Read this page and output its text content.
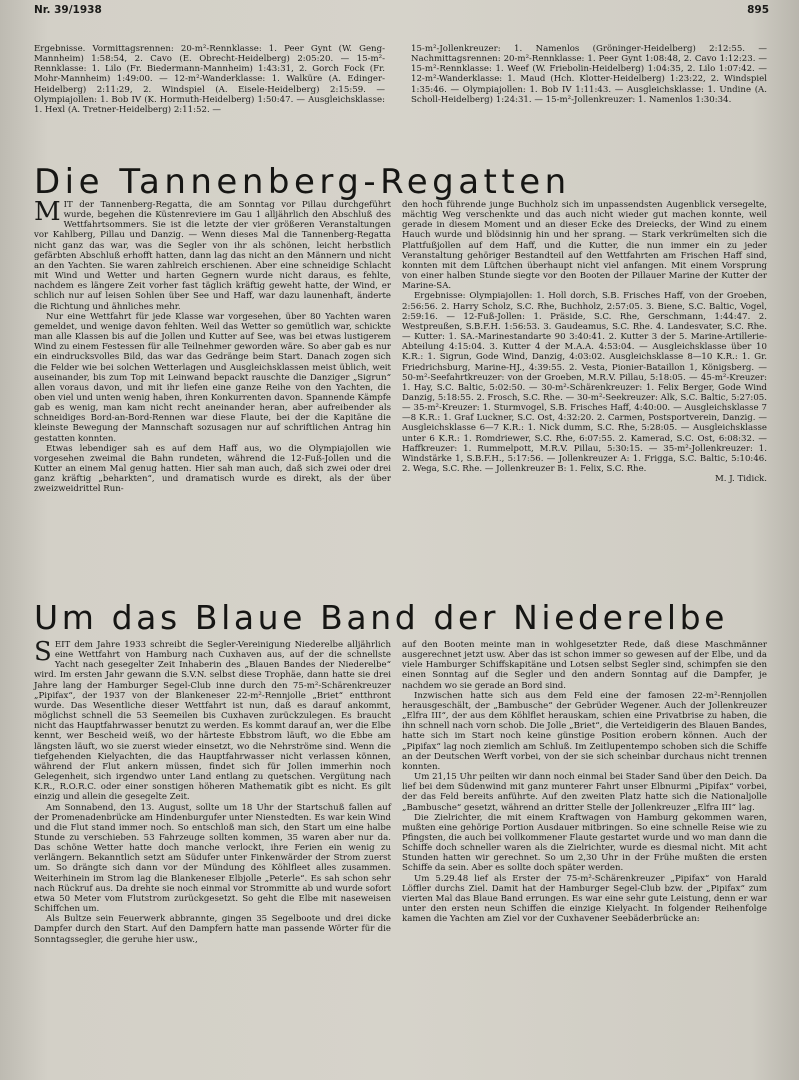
Nr. 39/1938	895

Ergebnisse. Vormittagsrennen: 20-m²-Rennklasse: 1. Peer Gynt (W. Geng-Mannheim) 1:58:54, 2. Cavo (E. Obrecht-Heidelberg) 2:05:20. — 15-m²-Rennklasse: 1. Lilo (Fr. Biedermann-Mannheim) 1:43:31, 2. Gorch Fock (Fr. Mohr-Mannheim) 1:49:00. — 12-m²-Wanderklasse: 1. Walküre (A. Edinger-Heidelberg) 2:11:29, 2. Windspiel (A. Eisele-Heidelberg) 2:15:59. — Olympiajollen: 1. Bob IV (K. Hormuth-Heidelberg) 1:50:47. — Ausgleichsklasse: 1. Hexl (A. Tretner-Heidelberg) 2:11:52. —

15-m²-Jollenkreuzer: 1. Namenlos (Gröninger-Heidelberg) 2:12:55. — Nachmittagsrennen: 20-m²-Rennklasse: 1. Peer Gynt 1:08:48, 2. Cavo 1:12:23. — 15-m²-Rennklasse: 1. Weef (W. Friebolin-Heidelberg) 1:04:35, 2. Lilo 1:07:42. — 12-m²-Wanderklasse: 1. Maud (Hch. Klotter-Heidelberg) 1:23:22, 2. Windspiel 1:35:46. — Olympiajollen: 1. Bob IV 1:11:43. — Ausgleichsklasse: 1. Undine (A. Scholl-Heidelberg) 1:24:31. — 15-m²-Jollenkreuzer: 1. Namenlos 1:30:34.

Die Tannenberg-Regatten

MIT der Tannenberg-Regatta, die am Sonntag vor Pillau durchgeführt wurde, begehen die Küstenreviere im Gau 1 alljährlich den Abschluß des Wettfahrtsommers. Sie ist die letzte der vier größeren Veranstaltungen vor Kahlberg, Pillau und Danzig. — Wenn dieses Mal die Tannenberg-Regatta nicht ganz das war, was die Segler von ihr als schönen, leicht herbstlich gefärbten Abschluß erhofft hatten, dann lag das nicht an den Männern und nicht an den Yachten. Sie waren zahlreich erschienen. Aber eine schneidige Schlacht mit Wind und Wetter und harten Gegnern wurde nicht daraus, es fehlte, nachdem es längere Zeit vorher fast täglich kräftig geweht hatte, der Wind, er schlich nur auf leisen Sohlen über See und Haff, war dazu launenhaft, änderte die Richtung und ähnliches mehr.

Nur eine Wettfahrt für jede Klasse war vorgesehen, über 80 Yachten waren gemeldet, und wenige davon fehlten. Weil das Wetter so gemütlich war, schickte man alle Klassen bis auf die Jollen und Kutter auf See, was bei etwas lustigerem Wind zu einem Festessen für alle Teilnehmer geworden wäre. So aber gab es nur ein eindrucksvolles Bild, das war das Gedränge beim Start. Danach zogen sich die Felder wie bei solchen Wetterlagen und Ausgleichsklassen meist üblich, weit auseinander, bis zum Top mit Leinwand bepackt rauschte die Danziger „Sigrun“ allen voraus davon, und mit ihr liefen eine ganze Reihe von den Yachten, die oben viel und unten wenig haben, ihren Konkurrenten davon. Spannende Kämpfe gab es wenig, man kam nicht recht aneinander heran, aber aufreibender als schneidiges Bord-an-Bord-Rennen war diese Flaute, bei der die Kapitäne die kleinste Bewegung der Mannschaft sozusagen nur auf schriftlichen Antrag hin gestatten konnten.

Etwas lebendiger sah es auf dem Haff aus, wo die Olympiajollen wie vorgesehen zweimal die Bahn rundeten, während die 12-Fuß-Jollen und die Kutter an einem Mal genug hatten. Hier sah man auch, daß sich zwei oder drei ganz kräftig „beharkten“, und dramatisch wurde es direkt, als der über zweizweidrittel Run-

den hoch führende junge Buchholz sich im unpassendsten Augenblick versegelte, mächtig Weg verschenkte und das auch nicht wieder gut machen konnte, weil gerade in diesem Moment und an dieser Ecke des Dreiecks, der Wind zu einem Hauch wurde und blödsinnig hin und her sprang. — Stark verkrümelten sich die Plattfußjollen auf dem Haff, und die Kutter, die nun immer ein zu jeder Veranstaltung gehöriger Bestandteil auf den Wettfahrten am Frischen Haff sind, konnten mit dem Lüftchen überhaupt nicht viel anfangen. Mit einem Vorsprung von einer halben Stunde siegte vor den Booten der Pillauer Marine der Kutter der Marine-SA.

Ergebnisse: Olympiajollen: 1. Holl dorch, S.B. Frisches Haff, von der Groeben, 2:56:56. 2. Harry Scholz, S.C. Rhe, Buchholz, 2:57:05. 3. Biene, S.C. Baltic, Vogel, 2:59:16. — 12-Fuß-Jollen: 1. Präside, S.C. Rhe, Gerschmann, 1:44:47. 2. Westpreußen, S.B.F.H. 1:56:53. 3. Gaudeamus, S.C. Rhe. 4. Landesvater, S.C. Rhe. — Kutter: 1. SA.-Marinestandarte 90 3:40:41. 2. Kutter 3 der 5. Marine-Artillerie-Abteilung 4:15:04. 3. Kutter 4 der M.A.A. 4:53:04. — Ausgleichsklasse über 10 K.R.: 1. Sigrun, Gode Wind, Danzig, 4:03:02. Ausgleichsklasse 8—10 K.R.: 1. Gr. Friedrichsburg, Marine-HJ., 4:39:55. 2. Vesta, Pionier-Bataillon 1, Königsberg. — 50-m²-Seefahrtkreuzer: von der Groeben, M.R.V. Pillau, 5:18:05. — 45-m²-Kreuzer: 1. Hay, S.C. Baltic, 5:02:50. — 30-m²-Schärenkreuzer: 1. Felix Berger, Gode Wind Danzig, 5:18:55. 2. Frosch, S.C. Rhe. — 30-m²-Seekreuzer: Alk, S.C. Baltic, 5:27:05. — 35-m²-Kreuzer: 1. Sturmvogel, S.B. Frisches Haff, 4:40:00. — Ausgleichsklasse 7—8 K.R.: 1. Graf Luckner, S.C. Ost, 4:32:20. 2. Carmen, Postsportverein, Danzig. — Ausgleichsklasse 6—7 K.R.: 1. Nick dumm, S.C. Rhe, 5:28:05. — Ausgleichsklasse unter 6 K.R.: 1. Romdriewer, S.C. Rhe, 6:07:55. 2. Kamerad, S.C. Ost, 6:08:32. — Haffkreuzer: 1. Rummelpott, M.R.V. Pillau, 5:30:15. — 35-m²-Jollenkreuzer: 1. Windstärke 1, S.B.F.H., 5:17:56. — Jollenkreuzer A: 1. Frigga, S.C. Baltic, 5:10:46. 2. Wega, S.C. Rhe. — Jollenkreuzer B: 1. Felix, S.C. Rhe.

M. J. Tidick.

Um das Blaue Band der Niederelbe

SEIT dem Jahre 1933 schreibt die Segler-Vereinigung Niederelbe alljährlich eine Wettfahrt von Hamburg nach Cuxhaven aus, auf der die schnellste Yacht nach gesegelter Zeit Inhaberin des „Blauen Bandes der Niederelbe“ wird. Im ersten Jahr gewann die S.V.N. selbst diese Trophäe, dann hatte sie drei Jahre lang der Hamburger Segel-Club inne durch den 75-m²-Schärenkreuzer „Pipifax“, der 1937 von der Blankeneser 22-m²-Rennjolle „Briet“ entthront wurde. Das Wesentliche dieser Wettfahrt ist nun, daß es darauf ankommt, möglichst schnell die 53 Seemeilen bis Cuxhaven zurückzulegen. Es braucht nicht das Hauptfahrwasser benutzt zu werden. Es kommt darauf an, wer die Elbe kennt, wer Bescheid weiß, wo der härteste Ebbstrom läuft, wo die Ebbe am längsten läuft, wo sie zuerst wieder einsetzt, wo die Nehrströme sind. Wenn die tiefgehenden Kielyachten, die das Hauptfahrwasser nicht verlassen können, während der Flut ankern müssen, findet sich für Jollen immerhin noch Gelegenheit, sich irgendwo unter Land entlang zu quetschen. Vergütung nach K.R., R.O.R.C. oder einer sonstigen höheren Mathematik gibt es nicht. Es gilt einzig und allein die gesegelte Zeit.

Am Sonnabend, den 13. August, sollte um 18 Uhr der Startschuß fallen auf der Promenadenbrücke am Hindenburgufer unter Nienstedten. Es war kein Wind und die Flut stand immer noch. So entschloß man sich, den Start um eine halbe Stunde zu verschieben. 53 Fahrzeuge sollten kommen, 35 waren aber nur da. Das schöne Wetter hatte doch manche verlockt, ihre Ferien ein wenig zu verlängern. Bekanntlich setzt am Südufer unter Finkenwärder der Strom zuerst um. So drängte sich dann vor der Mündung des Köhlfleet alles zusammen. Weiterhinein im Strom lag die Blankeneser Elbjolle „Peterle“. Es sah schon sehr nach Rückruf aus. Da drehte sie noch einmal vor Strommitte ab und wurde sofort etwa 50 Meter vom Flutstrom zurückgesetzt. So geht die Elbe mit naseweisen Schiffchen um.

Als Bultze sein Feuerwerk abbrannte, gingen 35 Segelboote und drei dicke Dampfer durch den Start. Auf den Dampfern hatte man passende Wörter für die Sonntagssegler, die geruhe hier usw.,

auf den Booten meinte man in wohlgesetzter Rede, daß diese Maschmänner ausgerechnet jetzt usw. Aber das ist schon immer so gewesen auf der Elbe, und da viele Hamburger Schiffskapitäne und Lotsen selbst Segler sind, schimpfen sie den einen Sonntag auf die Segler und den andern Sonntag auf die Dampfer, je nachdem wo sie gerade an Bord sind.

Inzwischen hatte sich aus dem Feld eine der famosen 22-m²-Rennjollen herausgeschält, der „Bambusche“ der Gebrüder Wegener. Auch der Jollenkreuzer „Elfra III“, der aus dem Köhlflet herauskam, schien eine Privatbrise zu haben, die ihn schnell nach vorn schob. Die Jolle „Briet“, die Verteidigerin des Blauen Bandes, hatte sich im Start noch keine günstige Position erobern können. Auch der „Pipifax“ lag noch ziemlich am Schluß. Im Zeitlupentempo schoben sich die Schiffe an der Deutschen Werft vorbei, von der sie sich scheinbar durchaus nicht trennen konnten.

Um 21,15 Uhr peilten wir dann noch einmal bei Stader Sand über den Deich. Da lief bei dem Südenwind mit ganz munterer Fahrt unser Elbnurmi „Pipifax“ vorbei, der das Feld bereits anführte. Auf den zweiten Platz hatte sich die Nationaljolle „Bambusche“ gesetzt, während an dritter Stelle der Jollenkreuzer „Elfra III“ lag.

Die Zielrichter, die mit einem Kraftwagen von Hamburg gekommen waren, mußten eine gehörige Portion Ausdauer mitbringen. So eine schnelle Reise wie zu Pfingsten, die auch bei vollkommener Flaute gestartet wurde und wo man dann die Schiffe doch schneller waren als die Zielrichter, wurde es diesmal nicht. Mit acht Stunden hatten wir gerechnet. So um 2,30 Uhr in der Frühe mußten die ersten Schiffe da sein. Aber es sollte doch später werden.

Um 5.29.48 lief als Erster der 75-m²-Schärenkreuzer „Pipifax“ von Harald Löffler durchs Ziel. Damit hat der Hamburger Segel-Club bzw. der „Pipifax“ zum vierten Mal das Blaue Band errungen. Es war eine sehr gute Leistung, denn er war unter den ersten neun Schiffen die einzige Kielyacht. In folgender Reihenfolge kamen die Yachten am Ziel vor der Cuxhavener Seebäderbrücke an:
